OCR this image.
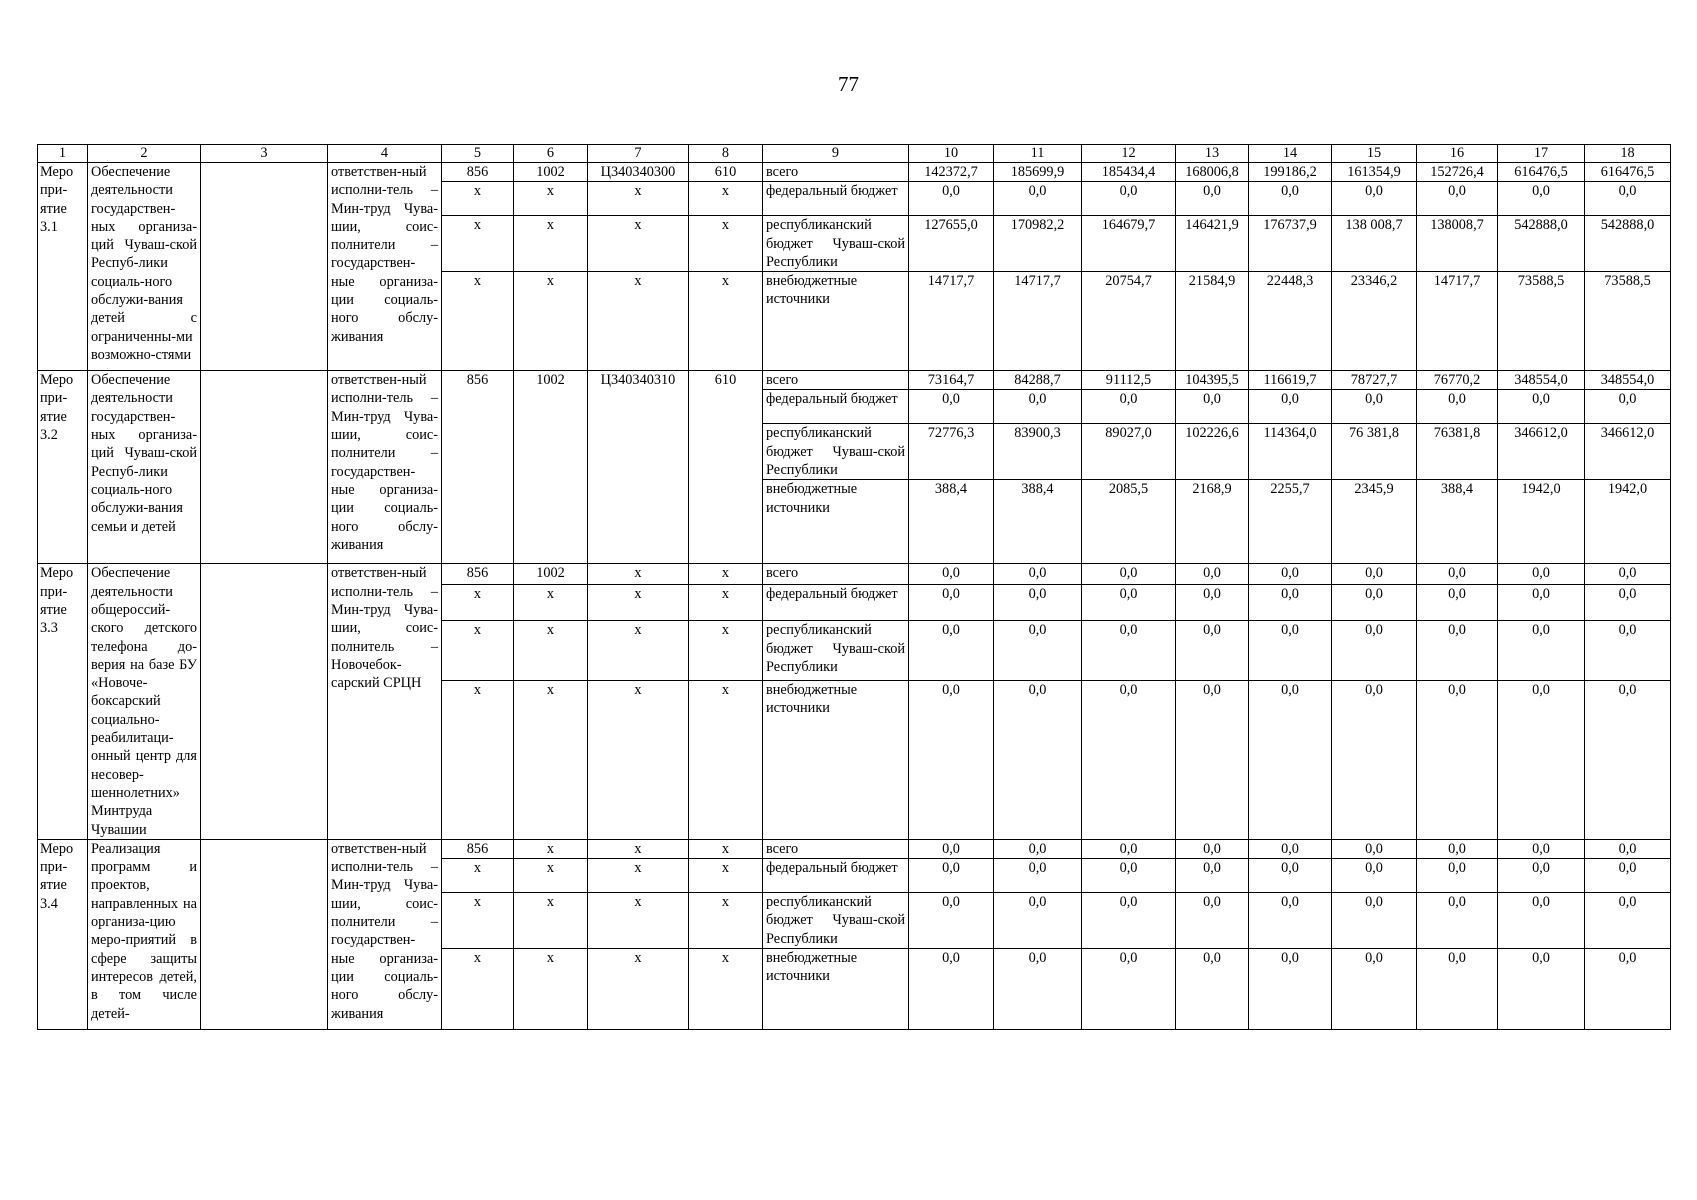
77
1	2	3	4	5	6	7	8	9	10	11	12	13	14	15	16	17	18
Меро
при-
ятие
3.1	Обеспечение деятельности государствен-ных организа-ций Чуваш-ской Респуб-лики социаль-ного обслужи-вания детей с ограниченны-ми возможно-стями		ответствен-ный исполни-тель – Мин-труд Чува-шии, соис-полнители – государствен-ные организа-ции социаль-ного обслу-живания	856	1002	Ц340340300	610	всего	142372,7	185699,9	185434,4	168006,8	199186,2	161354,9	152726,4	616476,5	616476,5
				х	х	х	х	федеральный бюджет	0,0	0,0	0,0	0,0	0,0	0,0	0,0	0,0	0,0
				х	х	х	х	республиканский бюджет Чуваш-ской Республики	127655,0	170982,2	164679,7	146421,9	176737,9	138 008,7	138008,7	542888,0	542888,0
				х	х	х	х	внебюджетные источники	14717,7	14717,7	20754,7	21584,9	22448,3	23346,2	14717,7	73588,5	73588,5
Меро
при-
ятие
3.2	Обеспечение деятельности государствен-ных организа-ций Чуваш-ской Респуб-лики социаль-ного обслужи-вания семьи и детей		ответствен-ный исполни-тель – Мин-труд Чува-шии, соис-полнители – государствен-ные организа-ции социаль-ного обслу-живания	856	1002	Ц340340310	610	всего	73164,7	84288,7	91112,5	104395,5	116619,7	78727,7	76770,2	348554,0	348554,0
								федеральный бюджет	0,0	0,0	0,0	0,0	0,0	0,0	0,0	0,0	0,0
								республиканский бюджет Чуваш-ской Республики	72776,3	83900,3	89027,0	102226,6	114364,0	76 381,8	76381,8	346612,0	346612,0
								внебюджетные источники	388,4	388,4	2085,5	2168,9	2255,7	2345,9	388,4	1942,0	1942,0
Меро
при-
ятие
3.3	Обеспечение деятельности общероссий-ского детского телефона до-верия на базе БУ «Новоче-боксарский социально-реабилитаци-онный центр для несовер-шеннолетних» Минтруда Чувашии		ответствен-ный исполни-тель – Мин-труд Чува-шии, соис-полнитель – Новочебок-сарский СРЦН	856	1002	х	х	всего	0,0	0,0	0,0	0,0	0,0	0,0	0,0	0,0	0,0
				х	х	х	х	федеральный бюджет	0,0	0,0	0,0	0,0	0,0	0,0	0,0	0,0	0,0
				х	х	х	х	республиканский бюджет Чуваш-ской Республики	0,0	0,0	0,0	0,0	0,0	0,0	0,0	0,0	0,0
				х	х	х	х	внебюджетные источники	0,0	0,0	0,0	0,0	0,0	0,0	0,0	0,0	0,0
Меро
при-
ятие
3.4	Реализация программ и проектов, направленных на организа-цию меро-приятий в сфере защиты интересов детей, в том числе детей-		ответствен-ный исполни-тель – Мин-труд Чува-шии, соис-полнители – государствен-ные организа-ции социаль-ного обслу-живания	856	х	х	х	всего	0,0	0,0	0,0	0,0	0,0	0,0	0,0	0,0	0,0
				х	х	х	х	федеральный бюджет	0,0	0,0	0,0	0,0	0,0	0,0	0,0	0,0	0,0
				х	х	х	х	республиканский бюджет Чуваш-ской Республики	0,0	0,0	0,0	0,0	0,0	0,0	0,0	0,0	0,0
				х	х	х	х	внебюджетные источники	0,0	0,0	0,0	0,0	0,0	0,0	0,0	0,0	0,0
